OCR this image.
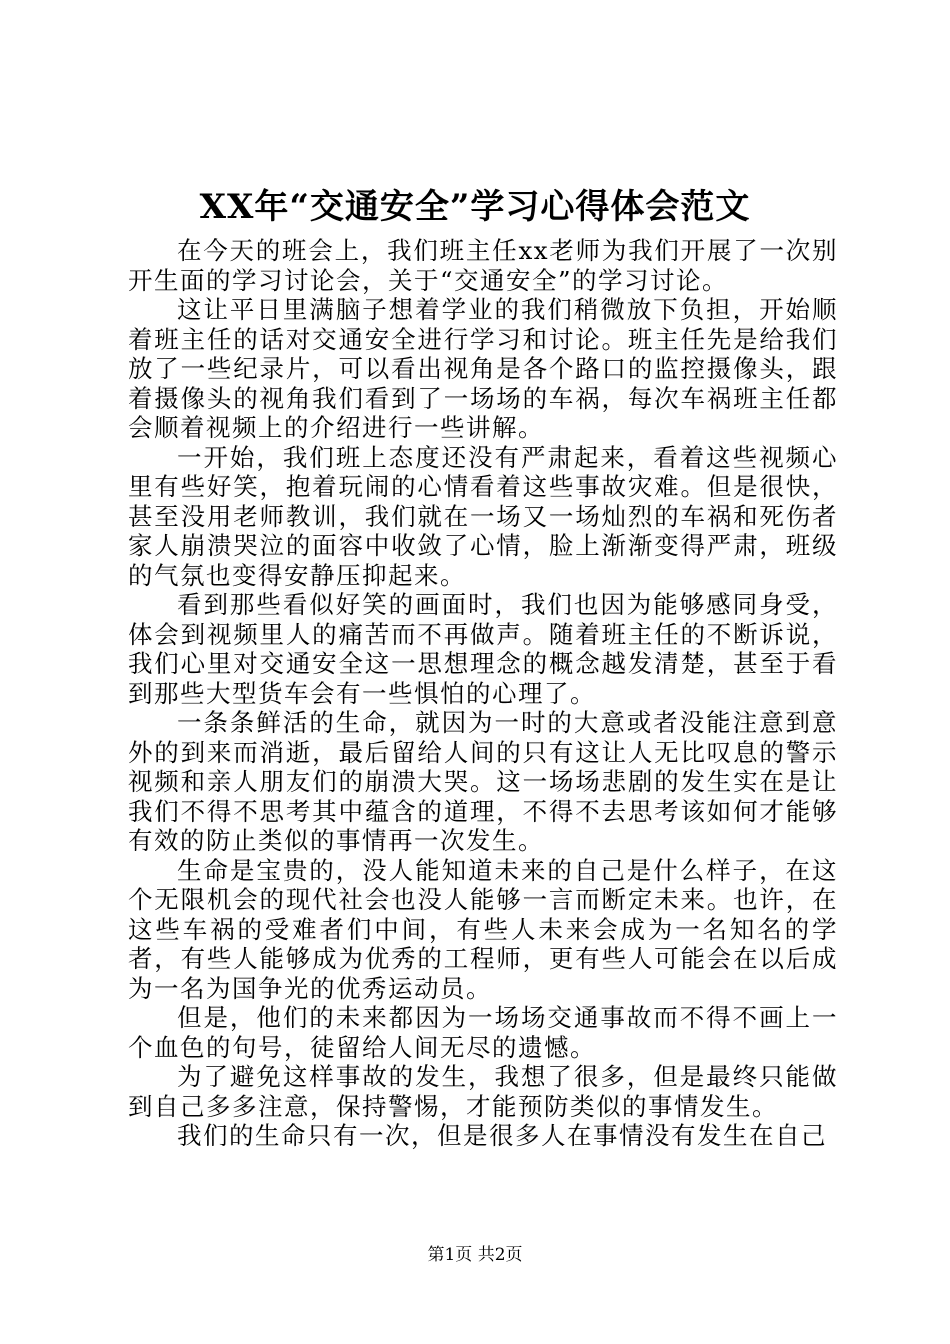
XX年“交通安全”学习心得体会范文

在今天的班会上，我们班主任xx老师为我们开展了一次别开生面的学习讨论会，关于“交通安全”的学习讨论。

这让平日里满脑子想着学业的我们稍微放下负担，开始顺着班主任的话对交通安全进行学习和讨论。班主任先是给我们放了一些纪录片，可以看出视角是各个路口的监控摄像头，跟着摄像头的视角我们看到了一场场的车祸，每次车祸班主任都会顺着视频上的介绍进行一些讲解。

一开始，我们班上态度还没有严肃起来，看着这些视频心里有些好笑，抱着玩闹的心情看着这些事故灾难。但是很快，甚至没用老师教训，我们就在一场又一场灿烈的车祸和死伤者家人崩溃哭泣的面容中收敛了心情，脸上渐渐变得严肃，班级的气氛也变得安静压抑起来。

看到那些看似好笑的画面时，我们也因为能够感同身受，体会到视频里人的痛苦而不再做声。随着班主任的不断诉说，我们心里对交通安全这一思想理念的概念越发清楚，甚至于看到那些大型货车会有一些惧怕的心理了。

一条条鲜活的生命，就因为一时的大意或者没能注意到意外的到来而消逝，最后留给人间的只有这让人无比叹息的警示视频和亲人朋友们的崩溃大哭。这一场场悲剧的发生实在是让我们不得不思考其中蕴含的道理，不得不去思考该如何才能够有效的防止类似的事情再一次发生。

生命是宝贵的，没人能知道未来的自己是什么样子，在这个无限机会的现代社会也没人能够一言而断定未来。也许，在这些车祸的受难者们中间，有些人未来会成为一名知名的学者，有些人能够成为优秀的工程师，更有些人可能会在以后成为一名为国争光的优秀运动员。

但是，他们的未来都因为一场场交通事故而不得不画上一个血色的句号，徒留给人间无尽的遗憾。

为了避免这样事故的发生，我想了很多，但是最终只能做到自己多多注意，保持警惕，才能预防类似的事情发生。

我们的生命只有一次，但是很多人在事情没有发生在自己

第1页 共2页
